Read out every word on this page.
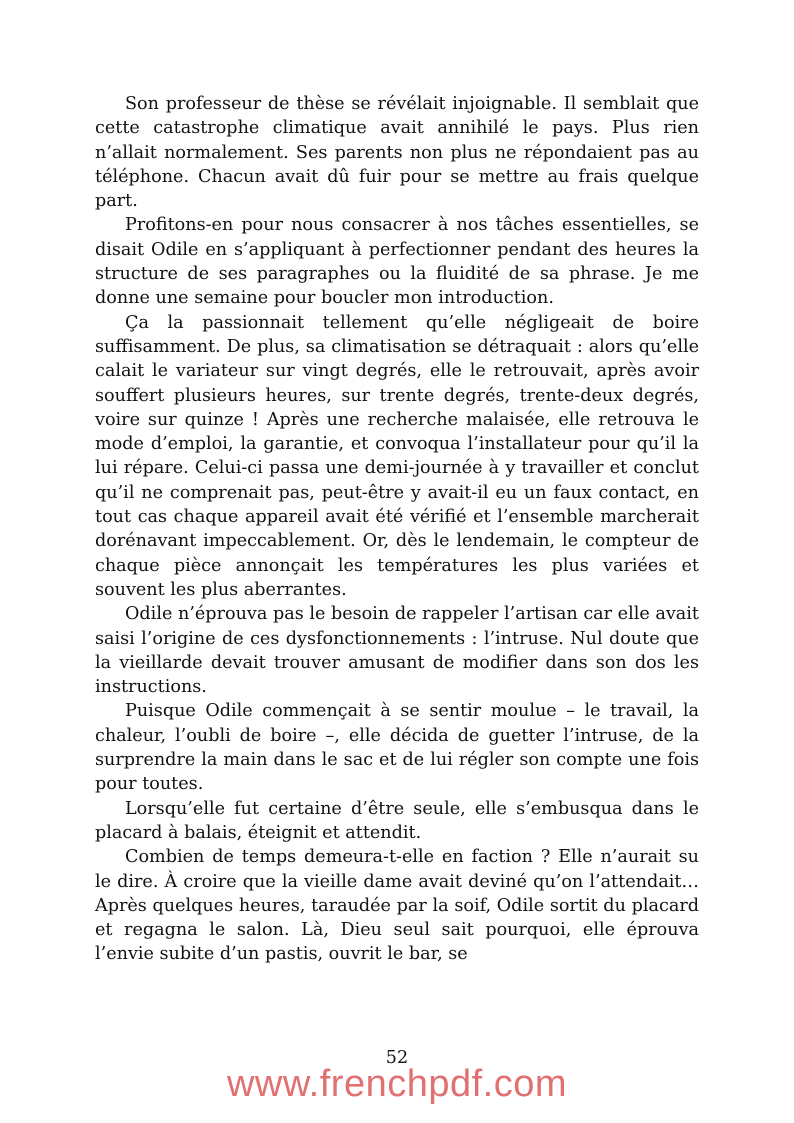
Son professeur de thèse se révélait injoignable. Il semblait que cette catastrophe climatique avait annihilé le pays. Plus rien n’allait normalement. Ses parents non plus ne répondaient pas au téléphone. Chacun avait dû fuir pour se mettre au frais quelque part.

Profitons-en pour nous consacrer à nos tâches essentielles, se disait Odile en s’appliquant à perfectionner pendant des heures la structure de ses paragraphes ou la fluidité de sa phrase. Je me donne une semaine pour boucler mon introduction.

Ça la passionnait tellement qu’elle négligeait de boire suffisamment. De plus, sa climatisation se détraquait : alors qu’elle calait le variateur sur vingt degrés, elle le retrouvait, après avoir souffert plusieurs heures, sur trente degrés, trente-deux degrés, voire sur quinze ! Après une recherche malaisée, elle retrouva le mode d’emploi, la garantie, et convoqua l’installateur pour qu’il la lui répare. Celui-ci passa une demi-journée à y travailler et conclut qu’il ne comprenait pas, peut-être y avait-il eu un faux contact, en tout cas chaque appareil avait été vérifié et l’ensemble marcherait dorénavant impeccablement. Or, dès le lendemain, le compteur de chaque pièce annonçait les températures les plus variées et souvent les plus aberrantes.

Odile n’éprouva pas le besoin de rappeler l’artisan car elle avait saisi l’origine de ces dysfonctionnements : l’intruse. Nul doute que la vieillarde devait trouver amusant de modifier dans son dos les instructions.

Puisque Odile commençait à se sentir moulue – le travail, la chaleur, l’oubli de boire –, elle décida de guetter l’intruse, de la surprendre la main dans le sac et de lui régler son compte une fois pour toutes.

Lorsqu’elle fut certaine d’être seule, elle s’embusqua dans le placard à balais, éteignit et attendit.

Combien de temps demeura-t-elle en faction ? Elle n’aurait su le dire. À croire que la vieille dame avait deviné qu’on l’attendait… Après quelques heures, taraudée par la soif, Odile sortit du placard et regagna le salon. Là, Dieu seul sait pourquoi, elle éprouva l’envie subite d’un pastis, ouvrit le bar, se

52
www.frenchpdf.com
